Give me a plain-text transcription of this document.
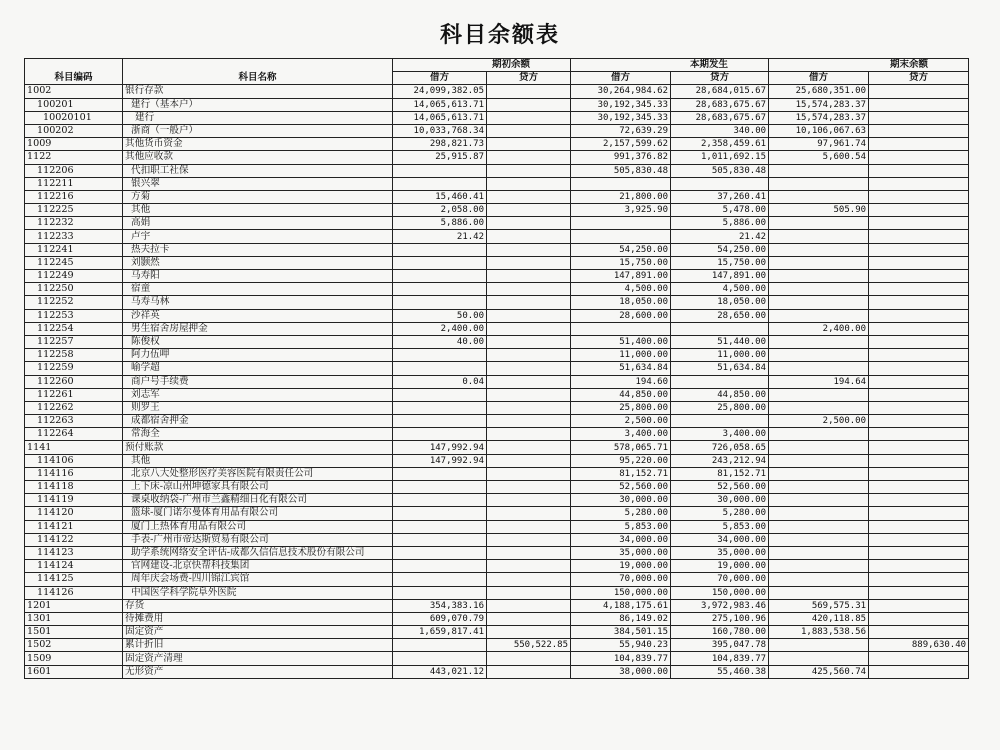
科目余额表
科目编码	科目名称	期初余额		本期发生		期末余额	
		借方	贷方	借方	贷方	借方	贷方
1002	银行存款	24,099,382.05		30,264,984.62	28,684,015.67	25,680,351.00	
100201	建行（基本户）	14,065,613.71		30,192,345.33	28,683,675.67	15,574,283.37	
10020101	建行	14,065,613.71		30,192,345.33	28,683,675.67	15,574,283.37	
100202	浙商（一般户）	10,033,768.34		72,639.29	340.00	10,106,067.63	
1009	其他货币资金	298,821.73		2,157,599.62	2,358,459.61	97,961.74	
1122	其他应收款	25,915.87		991,376.82	1,011,692.15	5,600.54	
112206	代扣职工社保			505,830.48	505,830.48		
112211	银兴翠						
112216	方菊	15,460.41		21,800.00	37,260.41		
112225	其他	2,058.00		3,925.90	5,478.00	505.90	
112232	高娟	5,886.00			5,886.00		
112233	卢宇	21.42			21.42		
112241	热夫拉卡			54,250.00	54,250.00		
112245	刘颢然			15,750.00	15,750.00		
112249	马寿阳			147,891.00	147,891.00		
112250	宿童			4,500.00	4,500.00		
112252	马寿马林			18,050.00	18,050.00		
112253	沙祥英	50.00		28,600.00	28,650.00		
112254	男生宿舍房屋押金	2,400.00				2,400.00	
112257	陈俊权	40.00		51,400.00	51,440.00		
112258	阿力伍呷			11,000.00	11,000.00		
112259	喻学超			51,634.84	51,634.84		
112260	商户号手续费	0.04		194.60		194.64	
112261	刘志军			44,850.00	44,850.00		
112262	则罗王			25,800.00	25,800.00		
112263	成都宿舍押金			2,500.00		2,500.00	
112264	常海全			3,400.00	3,400.00		
1141	预付账款	147,992.94		578,065.71	726,058.65		
114106	其他	147,992.94		95,220.00	243,212.94		
114116	北京八大处整形医疗美容医院有限责任公司			81,152.71	81,152.71		
114118	上下床-凉山州坤德家具有限公司			52,560.00	52,560.00		
114119	课桌收纳袋-广州市兰鑫精细日化有限公司			30,000.00	30,000.00		
114120	篮球-厦门诺尔曼体育用品有限公司			5,280.00	5,280.00		
114121	厦门上热体育用品有限公司			5,853.00	5,853.00		
114122	手表-广州市帝达斯贸易有限公司			34,000.00	34,000.00		
114123	助学系统网络安全评估-成都久信信息技术股份有限公司			35,000.00	35,000.00		
114124	官网建设-北京快帮科技集团			19,000.00	19,000.00		
114125	周年庆会场费-四川锦江宾馆			70,000.00	70,000.00		
114126	中国医学科学院阜外医院			150,000.00	150,000.00		
1201	存货	354,383.16		4,188,175.61	3,972,983.46	569,575.31	
1301	待摊费用	609,070.79		86,149.02	275,100.96	420,118.85	
1501	固定资产	1,659,817.41		384,501.15	160,780.00	1,883,538.56	
1502	累计折旧		550,522.85	55,940.23	395,047.78		889,630.40
1509	固定资产清理			104,839.77	104,839.77		
1601	无形资产	443,021.12		38,000.00	55,460.38	425,560.74	
